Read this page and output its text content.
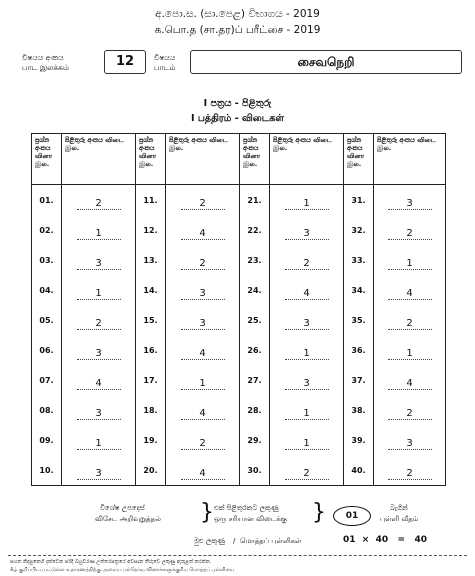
අ.පො.ස. (සා.පෙළ) විභාගය - 2019
க.பொ.த (சா.தர)ப் பரீட்சை - 2019
විෂයය අංකය
பாட இலக்கம்	12	විෂයය
பாடம்	சைவநெறி
I පත්‍රය - පිළිතුරු
I பத்திரம் - விடைகள்
ප්‍රශ්න අංකය வினா இல.	පිළිතුරු අංකය விடை இல.	ප්‍රශ්න අංකය வினா இல.	පිළිතුරු අංකය விடை இல.	ප්‍රශ්න අංකය வினா இல.	පිළිතුරු අංකය விடை இல.	ප්‍රශ්න අංකය வினா இல.	පිළිතුරු අංකය விடை இல.
01.	2	11.	2	21.	1	31.	3
02.	1	12.	4	22.	3	32.	2
03.	3	13.	2	23.	2	33.	1
04.	1	14.	3	24.	4	34.	4
05.	2	15.	3	25.	3	35.	2
06.	3	16.	4	26.	1	36.	1
07.	4	17.	1	27.	3	37.	4
08.	3	18.	4	28.	1	38.	2
09.	1	19.	2	29.	1	39.	3
10.	3	20.	4	30.	2	40.	2
විශේෂ උපදෙස්
விசேட அறிவுறுத்தல் } එක් පිළිතුරකට ලකුණු
ஒரு சரியான விடைக்கு }	01
බැගින්
புள்ளி வீதம்
මුළු ලකුණු / மொத்தப் புள்ளிகள்	01  ×  40   =   40
පහත නිදසුනෙහි දක්වෙන පරිදි බහුවරණ උත්තරපත්‍රයේ අවසාන තීරුවේ ලකුණු ඇතුළත් කරන්න.
கீழ் குறிப்பிடப்பட்டுள்ள உதாரணத்திற்கு அமைய பல்தேர்வு வினாக்களுக்குரிய மொத்தப் புள்ளியை
